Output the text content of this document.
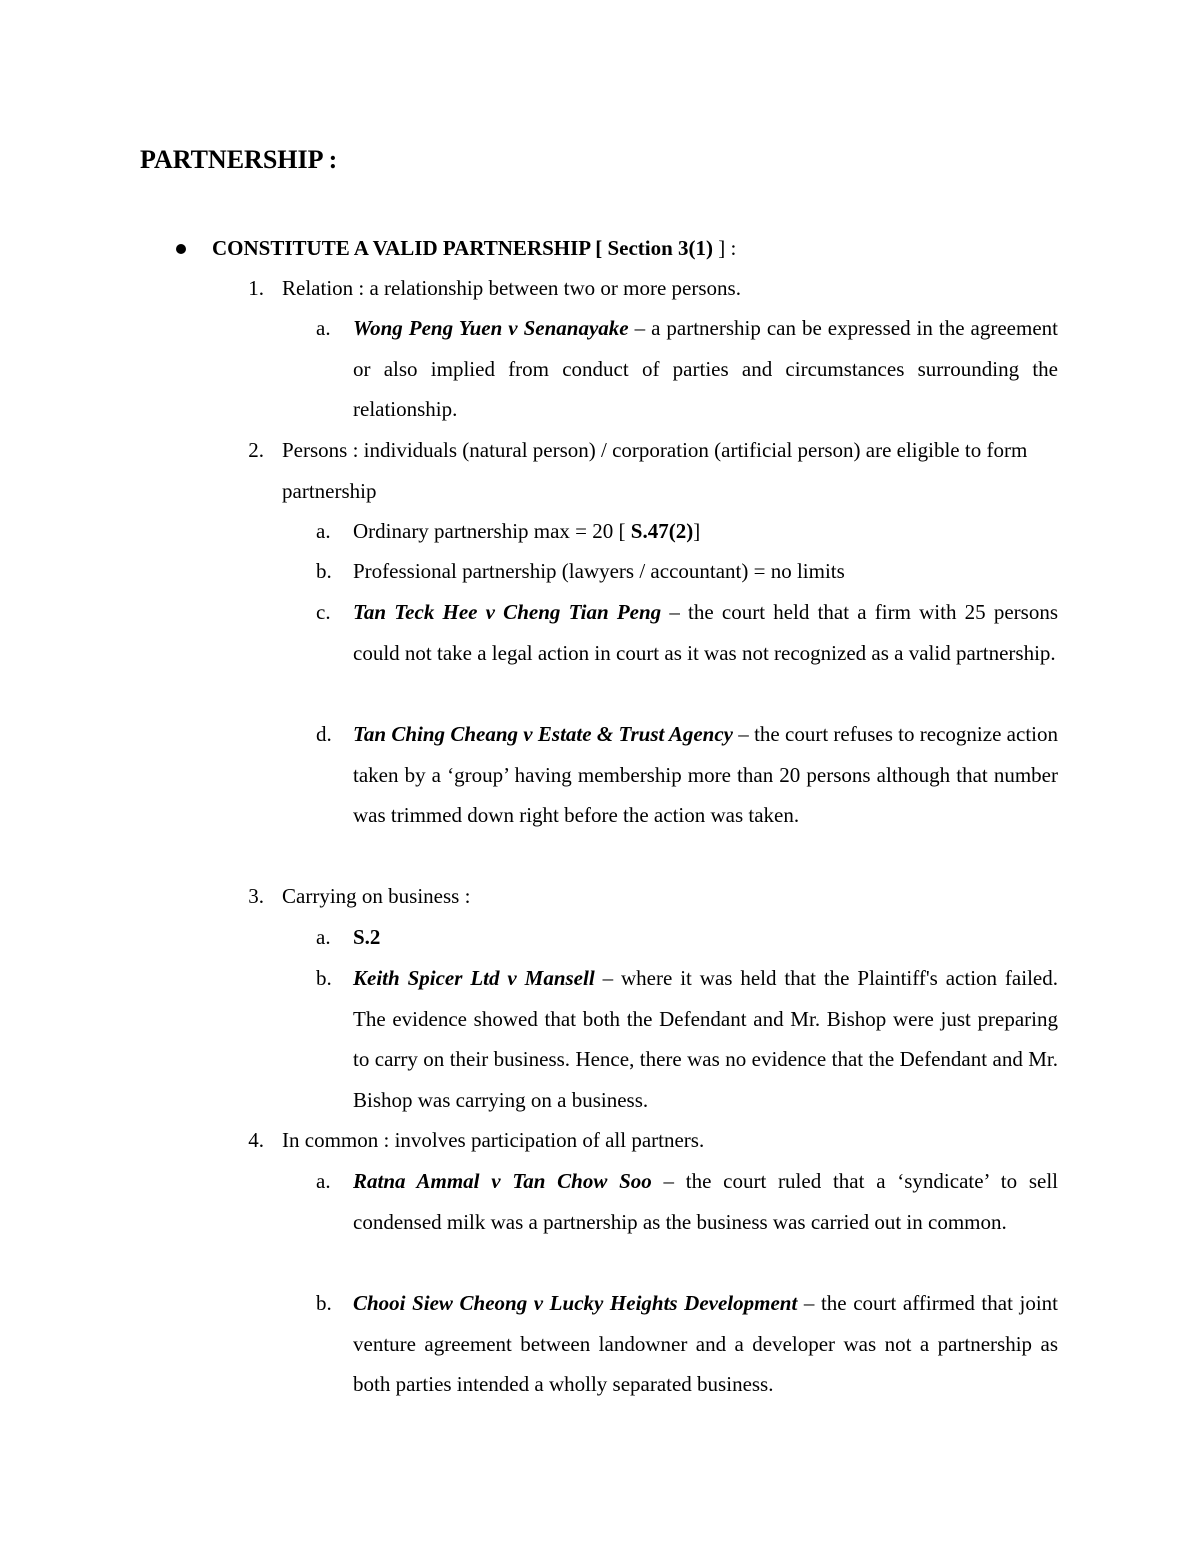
PARTNERSHIP :
CONSTITUTE A VALID PARTNERSHIP [ Section 3(1) ] :
1. Relation : a relationship between two or more persons.
a.	Wong Peng Yuen v Senanayake – a partnership can be expressed in the agreement or also implied from conduct of parties and circumstances surrounding the relationship.
2. Persons : individuals (natural person) / corporation (artificial person) are eligible to form partnership
a.	Ordinary partnership max = 20 [ S.47(2)]
b.	Professional partnership (lawyers / accountant) = no limits
c.	Tan Teck Hee v Cheng Tian Peng – the court held that a firm with 25 persons could not take a legal action in court as it was not recognized as a valid partnership.
d.	Tan Ching Cheang v Estate & Trust Agency – the court refuses to recognize action taken by a ‘group’ having membership more than 20 persons although that number was trimmed down right before the action was taken.
3. Carrying on business :
a.	S.2
b.	Keith Spicer Ltd v Mansell – where it was held that the Plaintiff's action failed. The evidence showed that both the Defendant and Mr. Bishop were just preparing to carry on their business. Hence, there was no evidence that the Defendant and Mr. Bishop was carrying on a business.
4. In common : involves participation of all partners.
a.	Ratna Ammal v Tan Chow Soo – the court ruled that a ‘syndicate’ to sell condensed milk was a partnership as the business was carried out in common.
b.	Chooi Siew Cheong v Lucky Heights Development – the court affirmed that joint venture agreement between landowner and a developer was not a partnership as both parties intended a wholly separated business.
